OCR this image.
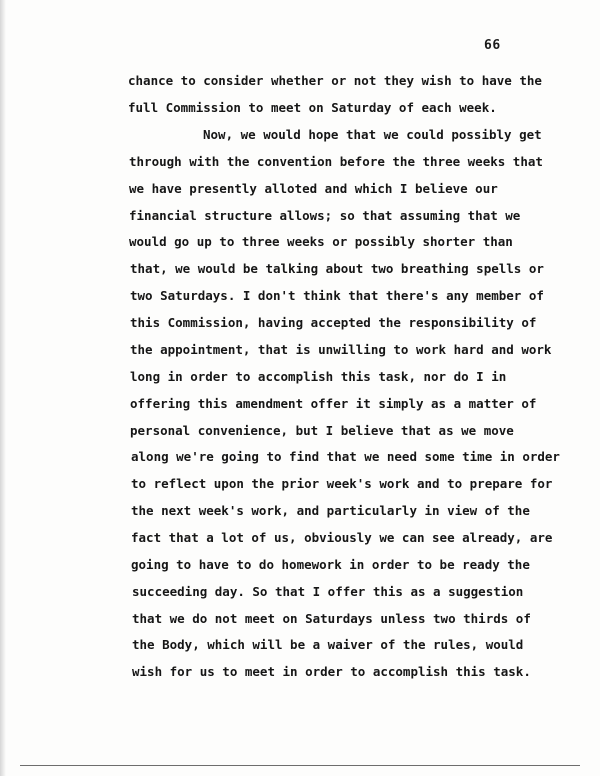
66
chance to consider whether or not they wish to have the
full Commission to meet on Saturday of each week.
Now, we would hope that we could possibly get
through with the convention before the three weeks that
we have presently alloted and which I believe our
financial structure allows; so that assuming that we
would go up to three weeks or possibly shorter than
that, we would be talking about two breathing spells or
two Saturdays. I don't think that there's any member of
this Commission, having accepted the responsibility of
the appointment, that is unwilling to work hard and work
long in order to accomplish this task, nor do I in
offering this amendment offer it simply as a matter of
personal convenience, but I believe that as we move
along we're going to find that we need some time in order
to reflect upon the prior week's work and to prepare for
the next week's work, and particularly in view of the
fact that a lot of us, obviously we can see already, are
going to have to do homework in order to be ready the
succeeding day. So that I offer this as a suggestion
that we do not meet on Saturdays unless two thirds of
the Body, which will be a waiver of the rules, would
wish for us to meet in order to accomplish this task.
